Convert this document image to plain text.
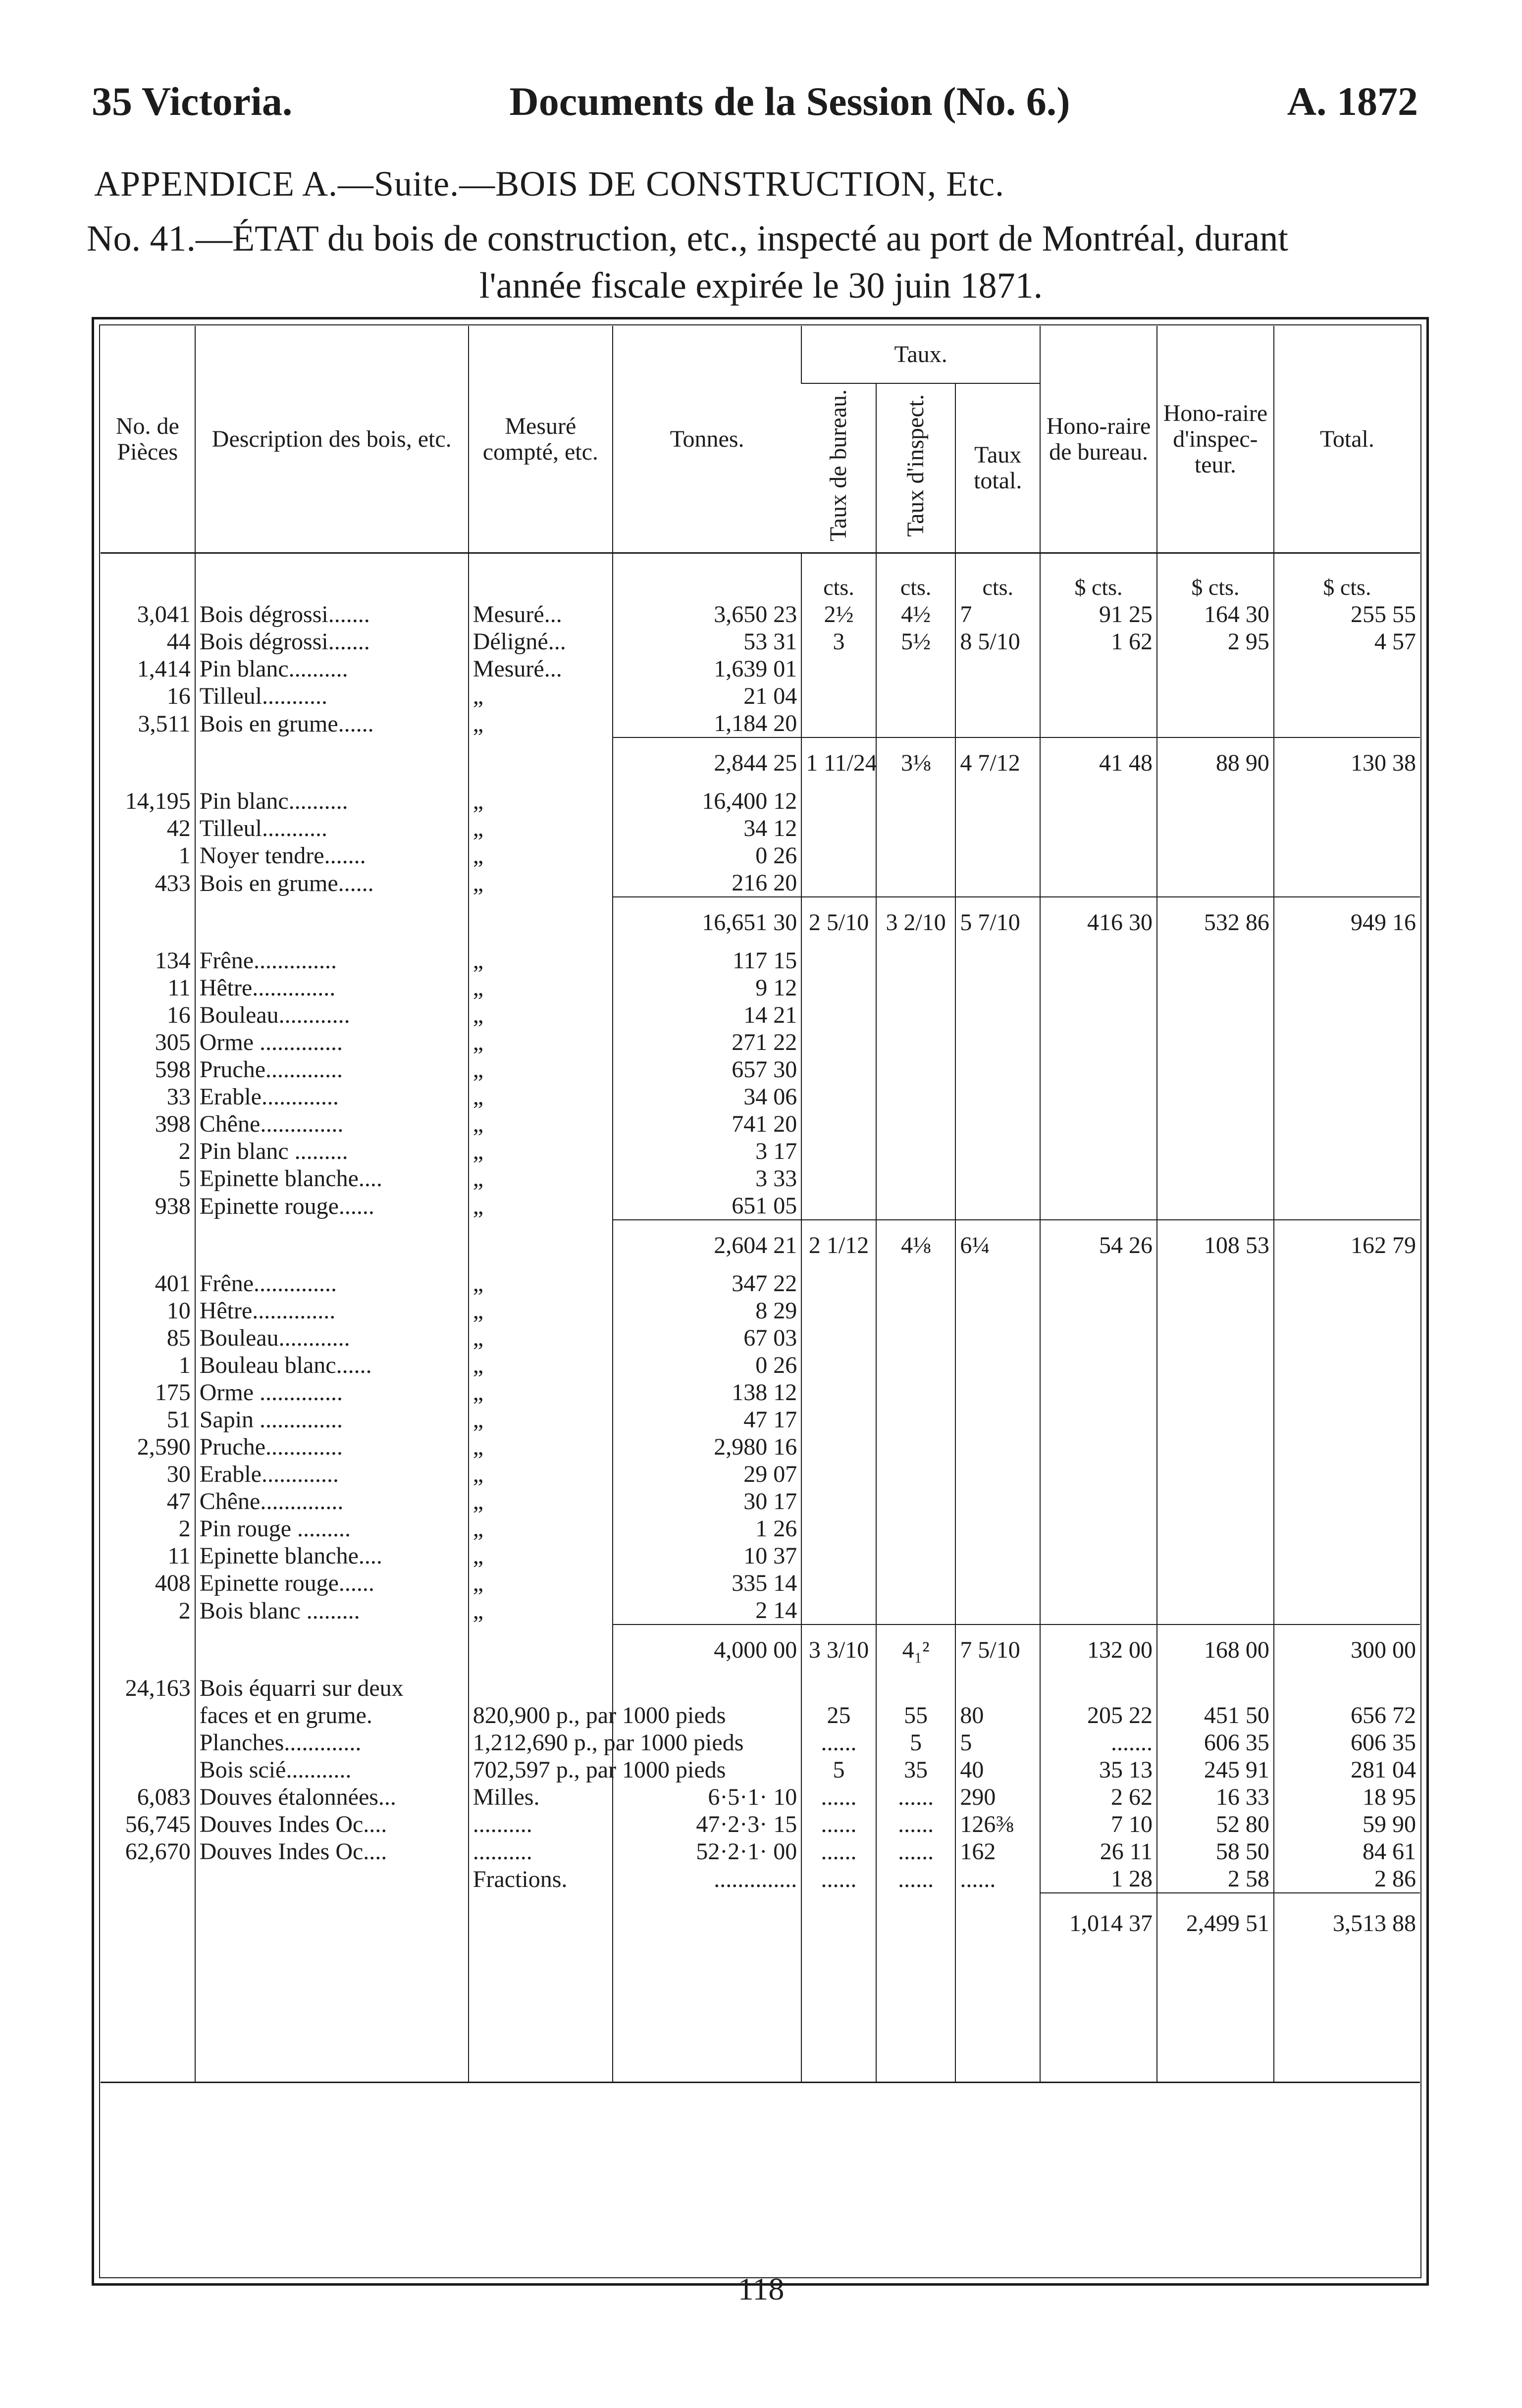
35 Victoria.	Documents de la Session (No. 6.)	A. 1872
APPENDICE A.—Suite.—BOIS DE CONSTRUCTION, Etc.
No. 41.—ÉTAT du bois de construction, etc., inspecté au port de Montréal, durant
l'année fiscale expirée le 30 juin 1871.
No. de Pièces	Description des bois, etc.	Mesuré compté, etc.	Tonnes.	Taux.			Hono-raire de bureau.	Hono-raire d'inspec-teur.	Total.
				Taux de bureau.	Taux d'inspect.	Taux total.			

				cts.	cts.	cts.	$ cts.	$ cts.	$ cts.
3,041	Bois dégrossi.......	Mesuré...	3,650 23	2½	4½	7	91 25	164 30	255 55
44	Bois dégrossi.......	Déligné...	53 31	3	5½	8 5/10	1 62	2 95	4 57
1,414	Pin blanc..........	Mesuré...	1,639 01						
16	Tilleul...........	„	21 04						
3,511	Bois en grume......	„	1,184 20						
			2,844 25	1 11/24	3⅛	4 7/12	41 48	88 90	130 38
14,195	Pin blanc..........	„	16,400 12						
42	Tilleul...........	„	34 12						
1	Noyer tendre.......	„	0 26						
433	Bois en grume......	„	216 20						
			16,651 30	2 5/10	3 2/10	5 7/10	416 30	532 86	949 16
134	Frêne..............	„	117 15						
11	Hêtre..............	„	9 12						
16	Bouleau............	„	14 21						
305	Orme ..............	„	271 22						
598	Pruche.............	„	657 30						
33	Erable.............	„	34 06						
398	Chêne..............	„	741 20						
2	Pin blanc .........	„	3 17						
5	Epinette blanche....	„	3 33						
938	Epinette rouge......	„	651 05						
			2,604 21	2 1/12	4⅛	6¼	54 26	108 53	162 79
401	Frêne..............	„	347 22						
10	Hêtre..............	„	8 29						
85	Bouleau............	„	67 03						
1	Bouleau blanc......	„	0 26						
175	Orme ..............	„	138 12						
51	Sapin ..............	„	47 17						
2,590	Pruche.............	„	2,980 16						
30	Erable.............	„	29 07						
47	Chêne..............	„	30 17						
2	Pin rouge .........	„	1 26						
11	Epinette blanche....	„	10 37						
408	Epinette rouge......	„	335 14						
2	Bois blanc .........	„	2 14						
			4,000 00	3 3/10	4₁²	7 5/10	132 00	168 00	300 00
24,163	Bois équarri sur deux								
	faces et en grume.	820,900 p., par 1000 pieds		25	55	80	205 22	451 50	656 72
	Planches.............	1,212,690 p., par 1000 pieds		......	5	5	.......	606 35	606 35
	Bois scié...........	702,597 p., par 1000 pieds		5	35	40	35 13	245 91	281 04
6,083	Douves étalonnées...	Milles.	6·5·1· 10	......	......	290	2 62	16 33	18 95
56,745	Douves Indes Oc....	..........	47·2·3· 15	......	......	126⅜	7 10	52 80	59 90
62,670	Douves Indes Oc....	..........	52·2·1· 00	......	......	162	26 11	58 50	84 61
		Fractions.	..............	......	......	......	1 28	2 58	2 86
							1,014 37	2,499 51	3,513 88

118
